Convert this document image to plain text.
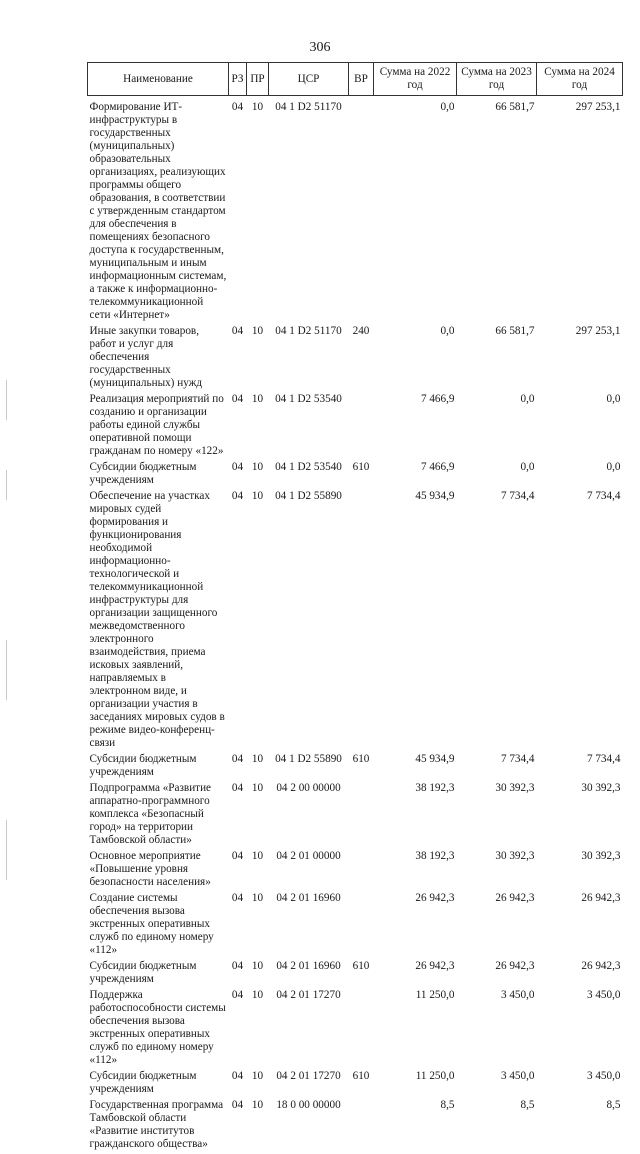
306
Наименование	РЗ	ПР	ЦСР	ВР	Сумма на 2022 год	Сумма на 2023 год	Сумма на 2024 год
Формирование ИТ-инфраструктуры в государственных (муниципальных) образовательных организациях, реализующих программы общего образования, в соответствии с утвержденным стандартом для обеспечения в помещениях безопасного доступа к государственным, муниципальным и иным информационным системам, а также к информационно-телекоммуникационной сети «Интернет»	04	10	04 1 D2 51170		0,0	66 581,7	297 253,1
Иные закупки товаров, работ и услуг для обеспечения государственных (муниципальных) нужд	04	10	04 1 D2 51170	240	0,0	66 581,7	297 253,1
Реализация мероприятий по созданию и организации работы единой службы оперативной помощи гражданам по номеру «122»	04	10	04 1 D2 53540		7 466,9	0,0	0,0
Субсидии бюджетным учреждениям	04	10	04 1 D2 53540	610	7 466,9	0,0	0,0
Обеспечение на участках мировых судей формирования и функционирования необходимой информационно-технологической и телекоммуникационной инфраструктуры для организации защищенного межведомственного электронного взаимодействия, приема исковых заявлений, направляемых в электронном виде, и организации участия в заседаниях мировых судов в режиме видео-конференц-связи	04	10	04 1 D2 55890		45 934,9	7 734,4	7 734,4
Субсидии бюджетным учреждениям	04	10	04 1 D2 55890	610	45 934,9	7 734,4	7 734,4
Подпрограмма «Развитие аппаратно-программного комплекса «Безопасный город» на территории Тамбовской области»	04	10	04 2 00 00000		38 192,3	30 392,3	30 392,3
Основное мероприятие «Повышение уровня безопасности населения»	04	10	04 2 01 00000		38 192,3	30 392,3	30 392,3
Создание системы обеспечения вызова экстренных оперативных служб по единому номеру «112»	04	10	04 2 01 16960		26 942,3	26 942,3	26 942,3
Субсидии бюджетным учреждениям	04	10	04 2 01 16960	610	26 942,3	26 942,3	26 942,3
Поддержка работоспособности системы обеспечения вызова экстренных оперативных служб по единому номеру «112»	04	10	04 2 01 17270		11 250,0	3 450,0	3 450,0
Субсидии бюджетным учреждениям	04	10	04 2 01 17270	610	11 250,0	3 450,0	3 450,0
Государственная программа Тамбовской области «Развитие институтов гражданского общества»	04	10	18 0 00 00000		8,5	8,5	8,5
